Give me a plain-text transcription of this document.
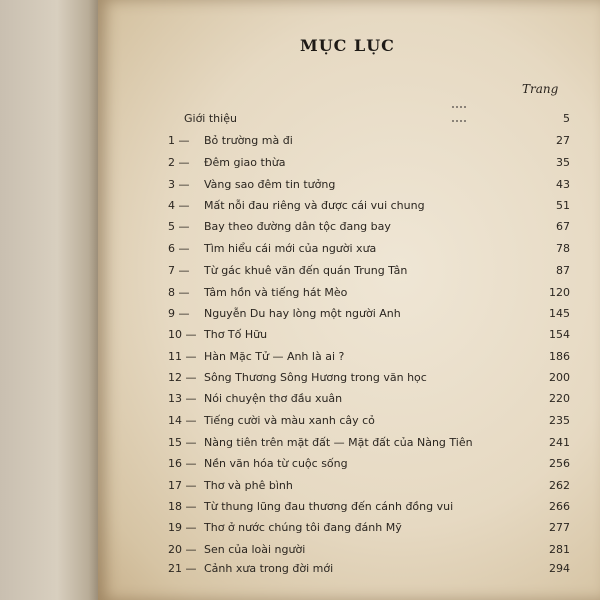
MỤC LỤC
Trang
Giới thiệu	5
1 — Bỏ trường mà đi	27
2 — Đêm giao thừa	35
3 — Vàng sao đêm tin tưởng	43
4 — Mất nỗi đau riêng và được cái vui chung	51
5 — Bay theo đường dân tộc đang bay	67
6 — Tìm hiểu cái mới của người xưa	78
7 — Từ gác khuê văn đến quán Trung Tân	87
8 — Tâm hồn và tiếng hát Mèo	120
9 — Nguyễn Du hay lòng một người Anh	145
10 — Thơ Tố Hữu	154
11 — Hàn Mặc Tử — Anh là ai ?	186
12 — Sông Thương Sông Hương trong văn học	200
13 — Nói chuyện thơ đầu xuân	220
14 — Tiếng cười và màu xanh cây cỏ	235
15 — Nàng tiên trên mặt đất — Mặt đất của Nàng Tiên	241
16 — Nền văn hóa từ cuộc sống	256
17 — Thơ và phê bình	262
18 — Từ thung lũng đau thương đến cánh đồng vui	266
19 — Thơ ở nước chúng tôi đang đánh Mỹ	277
20 — Sen của loài người	281
21 — Cảnh xưa trong đời mới	294
